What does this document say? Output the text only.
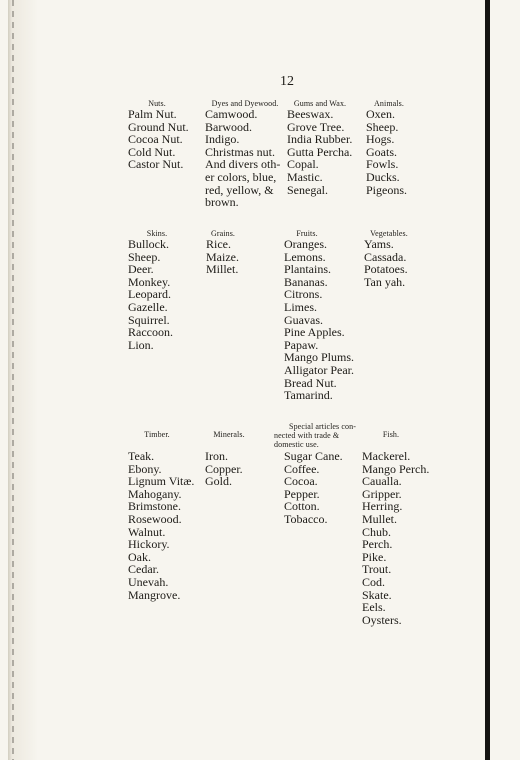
12
Nuts.
Palm Nut.
Ground Nut.
Cocoa Nut.
Cold Nut.
Castor Nut.
Dyes and Dyewood.
Camwood.
Barwood.
Indigo.
Christmas nut.
And divers oth-
er colors, blue,
red, yellow, &
brown.
Gums and Wax.
Beeswax.
Grove Tree.
India Rubber.
Gutta Percha.
Copal.
Mastic.
Senegal.
Animals.
Oxen.
Sheep.
Hogs.
Goats.
Fowls.
Ducks.
Pigeons.
Skins.
Bullock.
Sheep.
Deer.
Monkey.
Leopard.
Gazelle.
Squirrel.
Raccoon.
Lion.
Grains.
Rice.
Maize.
Millet.
Fruits.
Oranges.
Lemons.
Plantains.
Bananas.
Citrons.
Limes.
Guavas.
Pine Apples.
Papaw.
Mango Plums.
Alligator Pear.
Bread Nut.
Tamarind.
Vegetables.
Yams.
Cassada.
Potatoes.
Tan yah.
Timber.
Teak.
Ebony.
Lignum Vitæ.
Mahogany.
Brimstone.
Rosewood.
Walnut.
Hickory.
Oak.
Cedar.
Unevah.
Mangrove.
Minerals.
Iron.
Copper.
Gold.
Special articles con-
nected with trade &
domestic use.
Sugar Cane.
Coffee.
Cocoa.
Pepper.
Cotton.
Tobacco.
Fish.
Mackerel.
Mango Perch.
Caualla.
Gripper.
Herring.
Mullet.
Chub.
Perch.
Pike.
Trout.
Cod.
Skate.
Eels.
Oysters.
